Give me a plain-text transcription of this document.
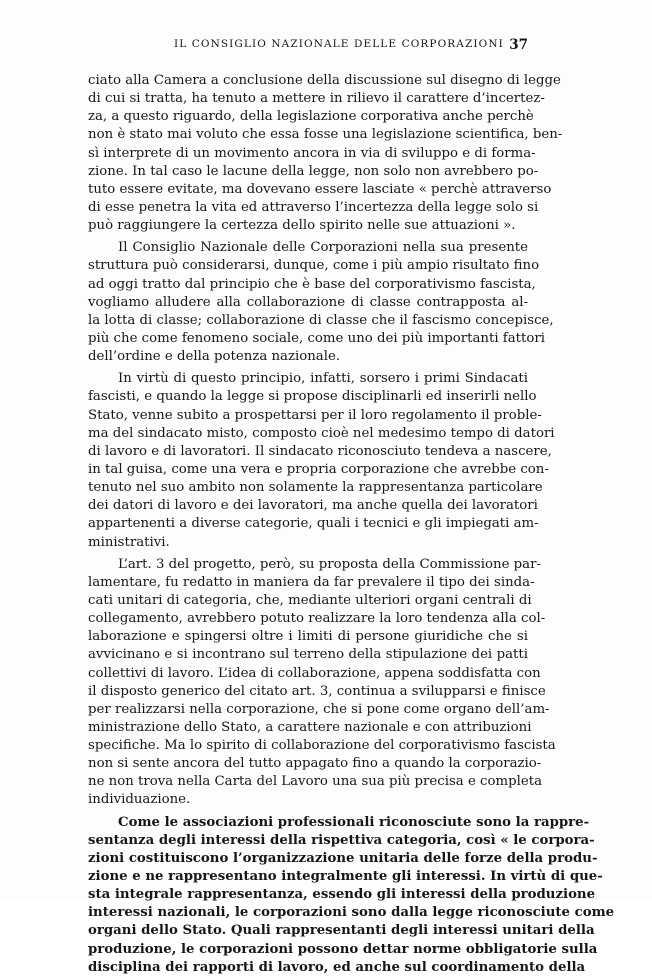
IL CONSIGLIO NAZIONALE DELLE CORPORAZIONI 37
ciato alla Camera a conclusione della discussione sul disegno di legge
di cui si tratta, ha tenuto a mettere in rilievo il carattere d’incertez-
za, a questo riguardo, della legislazione corporativa anche perchè
non è stato mai voluto che essa fosse una legislazione scientifica, ben-
sì interprete di un movimento ancora in via di sviluppo e di forma-
zione. In tal caso le lacune della legge, non solo non avrebbero po-
tuto essere evitate, ma dovevano essere lasciate « perchè attraverso
di esse penetra la vita ed attraverso l’incertezza della legge solo si
può raggiungere la certezza dello spirito nelle sue attuazioni ».
Il Consiglio Nazionale delle Corporazioni nella sua presente
struttura può considerarsi, dunque, come i più ampio risultato fino
ad oggi tratto dal principio che è base del corporativismo fascista,
vogliamo alludere alla collaborazione di classe contrapposta al-
la lotta di classe; collaborazione di classe che il fascismo concepisce,
più che come fenomeno sociale, come uno dei più importanti fattori
dell’ordine e della potenza nazionale.
In virtù di questo principio, infatti, sorsero i primi Sindacati
fascisti, e quando la legge si propose disciplinarli ed inserirli nello
Stato, venne subito a prospettarsi per il loro regolamento il proble-
ma del sindacato misto, composto cioè nel medesimo tempo di datori
di lavoro e di lavoratori. Il sindacato riconosciuto tendeva a nascere,
in tal guisa, come una vera e propria corporazione che avrebbe con-
tenuto nel suo ambito non solamente la rappresentanza particolare
dei datori di lavoro e dei lavoratori, ma anche quella dei lavoratori
appartenenti a diverse categorie, quali i tecnici e gli impiegati am-
ministrativi.
L’art. 3 del progetto, però, su proposta della Commissione par-
lamentare, fu redatto in maniera da far prevalere il tipo dei sinda-
cati unitari di categoria, che, mediante ulteriori organi centrali di
collegamento, avrebbero potuto realizzare la loro tendenza alla col-
laborazione e spingersi oltre i limiti di persone giuridiche che si
avvicinano e si incontrano sul terreno della stipulazione dei patti
collettivi di lavoro. L’idea di collaborazione, appena soddisfatta con
il disposto generico del citato art. 3, continua a svilupparsi e finisce
per realizzarsi nella corporazione, che si pone come organo dell’am-
ministrazione dello Stato, a carattere nazionale e con attribuzioni
specifiche. Ma lo spirito di collaborazione del corporativismo fascista
non si sente ancora del tutto appagato fino a quando la corporazio-
ne non trova nella Carta del Lavoro una sua più precisa e completa
individuazione.
Come le associazioni professionali riconosciute sono la rappre-
sentanza degli interessi della rispettiva categoria, così « le corpora-
zioni costituiscono l’organizzazione unitaria delle forze della produ-
zione e ne rappresentano integralmente gli interessi. In virtù di que-
sta integrale rappresentanza, essendo gli interessi della produzione
interessi nazionali, le corporazioni sono dalla legge riconosciute come
organi dello Stato. Quali rappresentanti degli interessi unitari della
produzione, le corporazioni possono dettar norme obbligatorie sulla
disciplina dei rapporti di lavoro, ed anche sul coordinamento della
